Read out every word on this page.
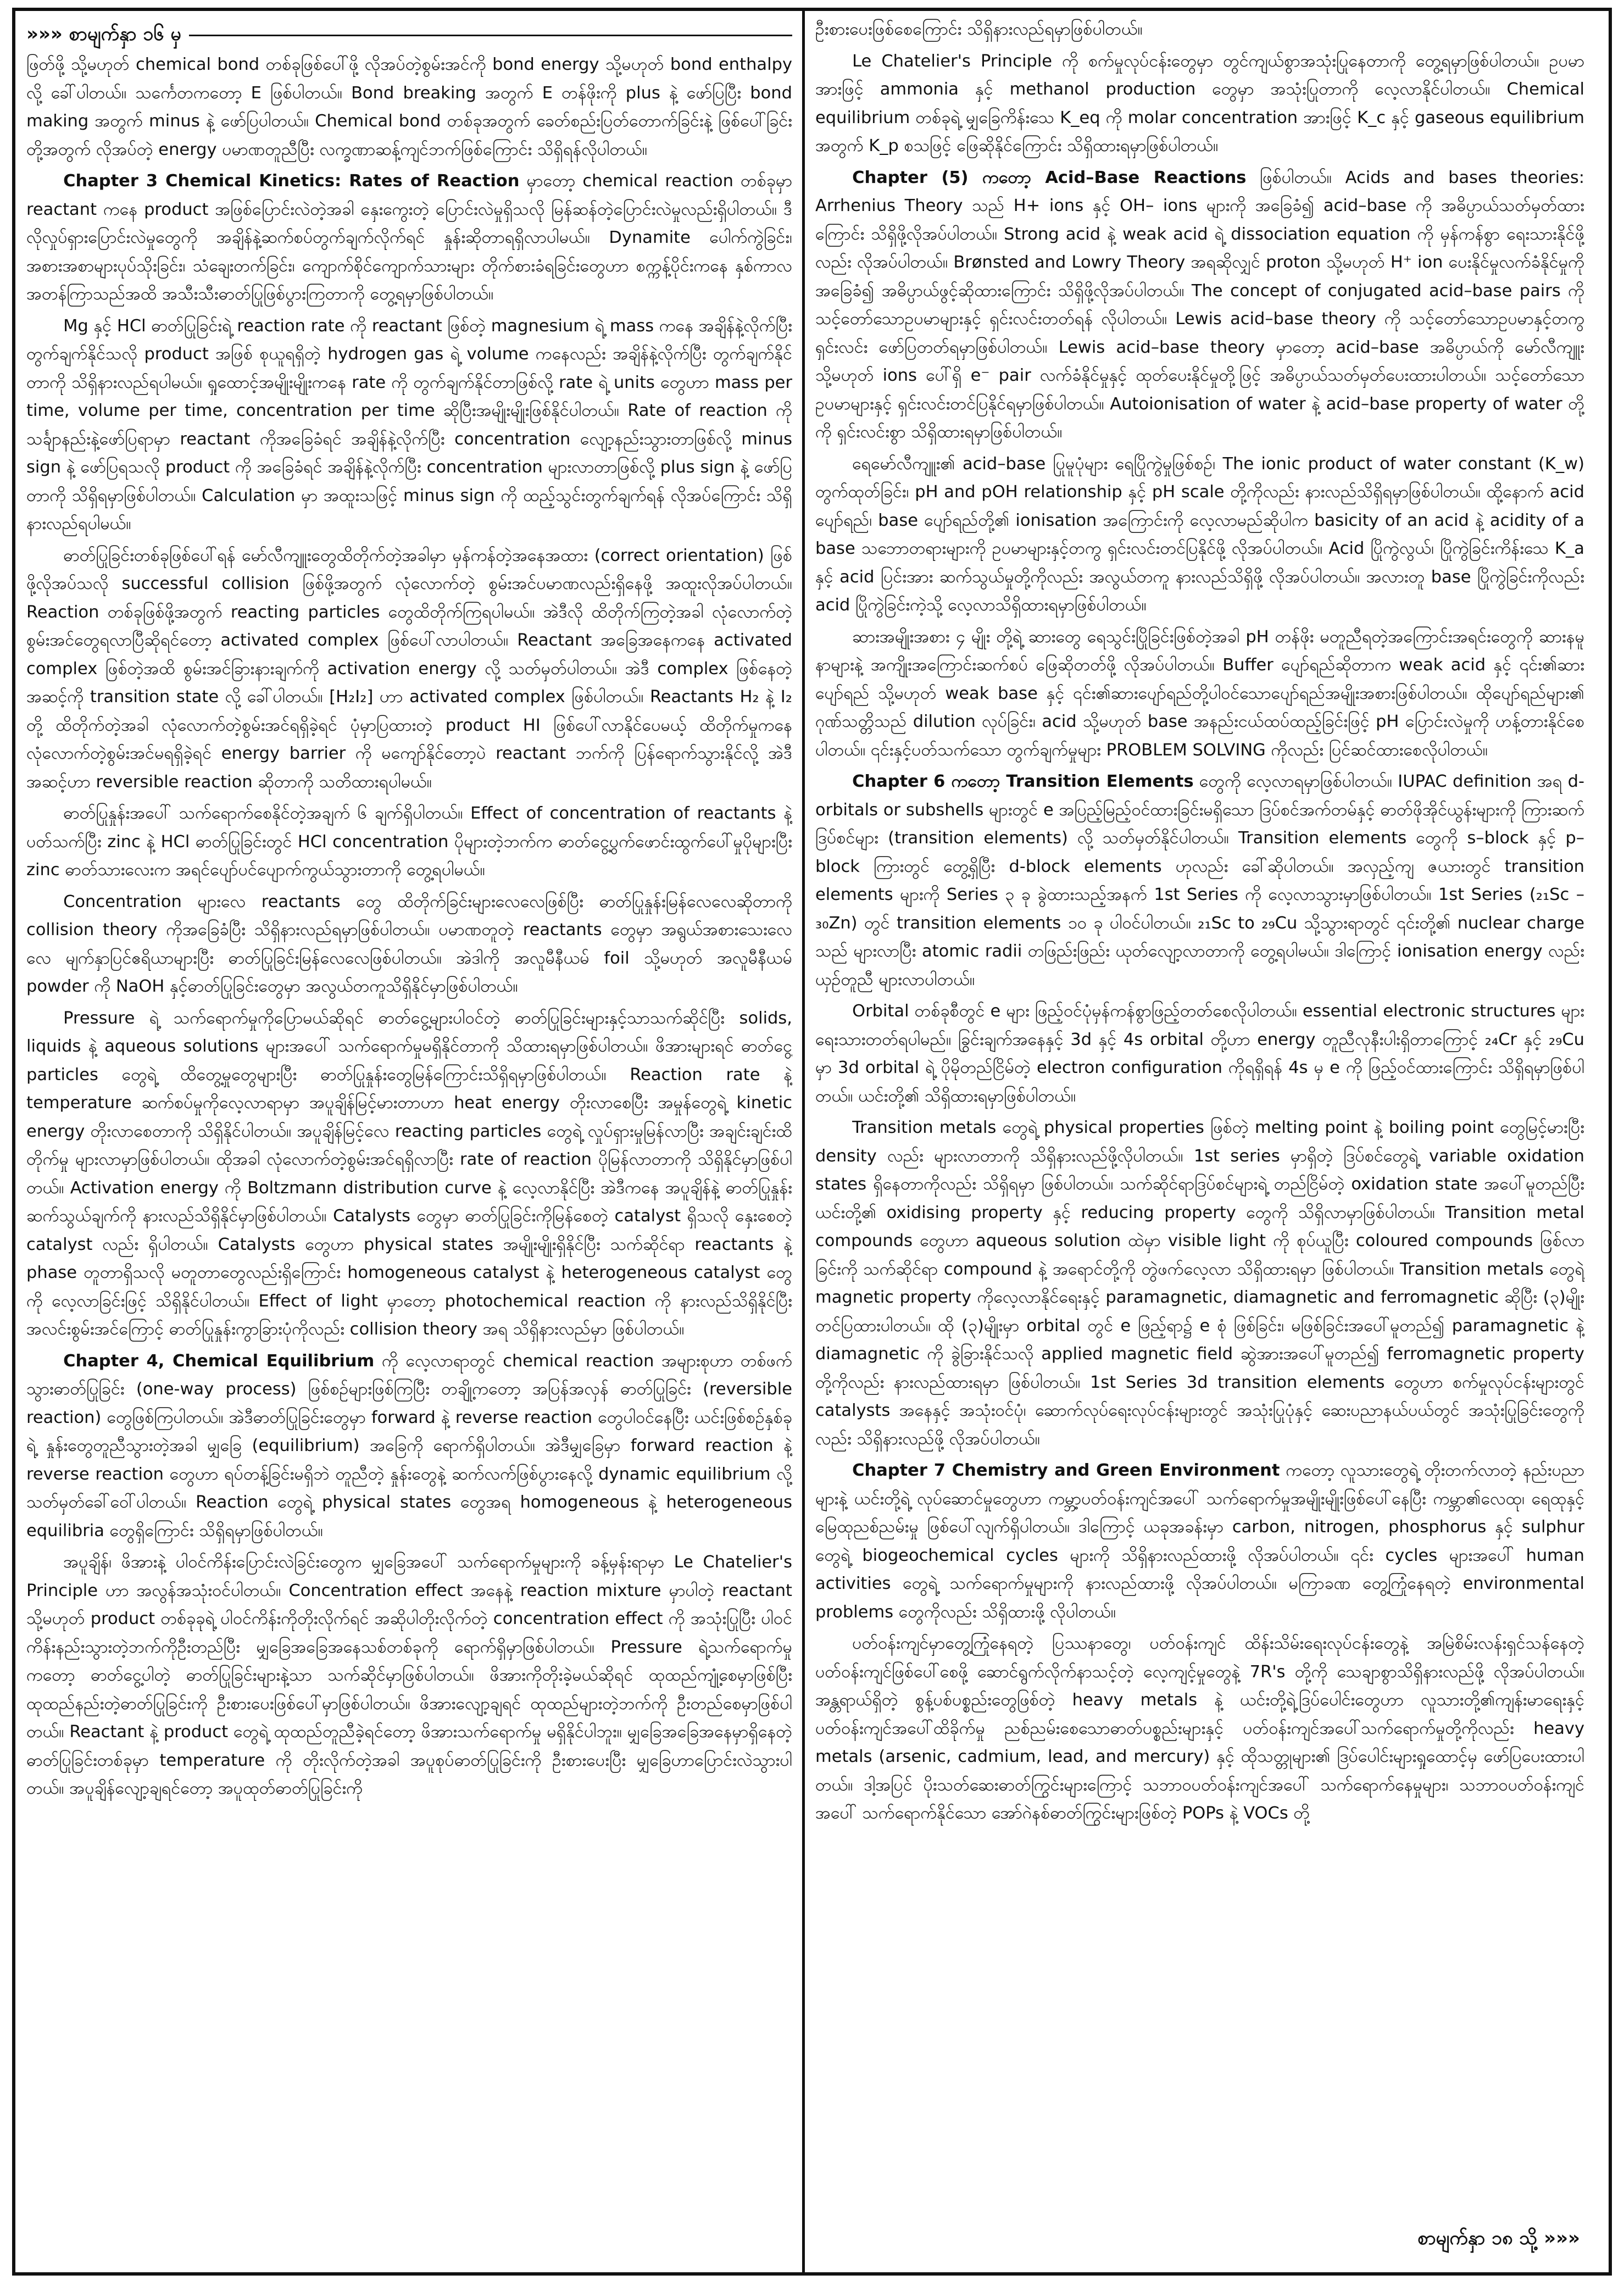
»»» စာမျက်နှာ ၁၆ မှ

ဖြတ်ဖို့ သို့မဟုတ် chemical bond တစ်ခုဖြစ်ပေါ်ဖို့ လိုအပ်တဲ့စွမ်းအင်ကို bond energy သို့မဟုတ် bond enthalpy လို့ ခေါ်ပါတယ်။ သင်္ကေတကတော့ E ဖြစ်ပါတယ်။ Bond breaking အတွက် E တန်ဖိုးကို plus နဲ့ ဖော်ပြပြီး bond making အတွက် minus နဲ့ ဖော်ပြပါတယ်။ Chemical bond တစ်ခုအတွက် ခေတ်စည်းပြတ်တောက်ခြင်းနဲ့ ဖြစ်ပေါ်ခြင်းတို့အတွက် လိုအပ်တဲ့ energy ပမာဏတူညီပြီး လက္ခဏာဆန့်ကျင်ဘက်ဖြစ်ကြောင်း သိရှိရန်လိုပါတယ်။

Chapter 3 Chemical Kinetics: Rates of Reaction မှာတော့ chemical reaction တစ်ခုမှာ reactant ကနေ product အဖြစ်ပြောင်းလဲတဲ့အခါ နှေးကွေးတဲ့ ပြောင်းလဲမှုရှိသလို မြန်ဆန်တဲ့ပြောင်းလဲမှုလည်းရှိပါတယ်။ ဒီလိုလှုပ်ရှားပြောင်းလဲမှုတွေကို အချိန်နဲ့ဆက်စပ်တွက်ချက်လိုက်ရင် နှုန်းဆိုတာရရှိလာပါမယ်။ Dynamite ပေါက်ကွဲခြင်း၊ အစားအစာများပုပ်သိုးခြင်း၊ သံချေးတက်ခြင်း၊ ကျောက်စိုင်ကျောက်သားများ တိုက်စားခံရခြင်းတွေဟာ စက္ကန့်ပိုင်းကနေ နှစ်ကာလအတန်ကြာသည်အထိ အသီးသီးဓာတ်ပြုဖြစ်ပွားကြတာကို တွေ့ရမှာဖြစ်ပါတယ်။

Mg နှင့် HCl ဓာတ်ပြုခြင်းရဲ့ reaction rate ကို reactant ဖြစ်တဲ့ magnesium ရဲ့ mass ကနေ အချိန်နဲ့လိုက်ပြီး တွက်ချက်နိုင်သလို product အဖြစ် စုယူရရှိတဲ့ hydrogen gas ရဲ့ volume ကနေလည်း အချိန်နဲ့လိုက်ပြီး တွက်ချက်နိုင်တာကို သိရှိနားလည်ရပါမယ်။ ရှုထောင့်အမျိုးမျိုးကနေ rate ကို တွက်ချက်နိုင်တာဖြစ်လို့ rate ရဲ့ units တွေဟာ mass per time, volume per time, concentration per time ဆိုပြီးအမျိုးမျိုးဖြစ်နိုင်ပါတယ်။ Rate of reaction ကိုသင်္ချာနည်းနဲ့ဖော်ပြရာမှာ reactant ကိုအခြေခံရင် အချိန်နဲ့လိုက်ပြီး concentration လျော့နည်းသွားတာဖြစ်လို့ minus sign နဲ့ ဖော်ပြရသလို product ကို အခြေခံရင် အချိန်နဲ့လိုက်ပြီး concentration များလာတာဖြစ်လို့ plus sign နဲ့ ဖော်ပြတာကို သိရှိရမှာဖြစ်ပါတယ်။ Calculation မှာ အထူးသဖြင့် minus sign ကို ထည့်သွင်းတွက်ချက်ရန် လိုအပ်ကြောင်း သိရှိနားလည်ရပါမယ်။

ဓာတ်ပြုခြင်းတစ်ခုဖြစ်ပေါ်ရန် မော်လီကျူးတွေထိတိုက်တဲ့အခါမှာ မှန်ကန်တဲ့အနေအထား (correct orientation) ဖြစ်ဖို့လိုအပ်သလို successful collision ဖြစ်ဖို့အတွက် လုံလောက်တဲ့ စွမ်းအင်ပမာဏလည်းရှိနေဖို့ အထူးလိုအပ်ပါတယ်။ Reaction တစ်ခုဖြစ်ဖို့အတွက် reacting particles တွေထိတိုက်ကြရပါမယ်။ အဲဒီလို ထိတိုက်ကြတဲ့အခါ လုံလောက်တဲ့ စွမ်းအင်တွေရလာပြီဆိုရင်တော့ activated complex ဖြစ်ပေါ်လာပါတယ်။ Reactant အခြေအနေကနေ activated complex ဖြစ်တဲ့အထိ စွမ်းအင်ခြားနားချက်ကို activation energy လို့ သတ်မှတ်ပါတယ်။ အဲဒီ complex ဖြစ်နေတဲ့အဆင့်ကို transition state လို့ ခေါ်ပါတယ်။ [H₂I₂] ဟာ activated complex ဖြစ်ပါတယ်။ Reactants H₂ နဲ့ I₂ တို့ ထိတိုက်တဲ့အခါ လုံလောက်တဲ့စွမ်းအင်ရရှိခဲ့ရင် ပုံမှာပြထားတဲ့ product HI ဖြစ်ပေါ်လာနိုင်ပေမယ့် ထိတိုက်မှုကနေ လုံလောက်တဲ့စွမ်းအင်မရရှိခဲ့ရင် energy barrier ကို မကျော်နိုင်တော့ပဲ reactant ဘက်ကို ပြန်ရောက်သွားနိုင်လို့ အဲဒီအဆင့်ဟာ reversible reaction ဆိုတာကို သတိထားရပါမယ်။

ဓာတ်ပြုနှုန်းအပေါ် သက်ရောက်စေနိုင်တဲ့အချက် ၆ ချက်ရှိပါတယ်။ Effect of concentration of reactants နဲ့ ပတ်သက်ပြီး zinc နဲ့ HCl ဓာတ်ပြုခြင်းတွင် HCl concentration ပိုများတဲ့ဘက်က ဓာတ်ငွေ့ပွက်ဖောင်းထွက်ပေါ်မှုပိုများပြီး zinc ဓာတ်သားလေးက အရင်ပျော်ပင်ပျောက်ကွယ်သွားတာကို တွေ့ရပါမယ်။

Concentration များလေ reactants တွေ ထိတိုက်ခြင်းများလေလေဖြစ်ပြီး ဓာတ်ပြုနှုန်းမြန်လေလေဆိုတာကို collision theory ကိုအခြေခံပြီး သိရှိနားလည်ရမှာဖြစ်ပါတယ်။ ပမာဏတူတဲ့ reactants တွေမှာ အရွယ်အစားသေးလေလေ မျက်နှာပြင်ဧရိယာများပြီး ဓာတ်ပြုခြင်းမြန်လေလေဖြစ်ပါတယ်။ အဲဒါကို အလူမီနီယမ် foil သို့မဟုတ် အလူမီနီယမ် powder ကို NaOH နှင့်ဓာတ်ပြုခြင်းတွေမှာ အလွယ်တကူသိရှိနိုင်မှာဖြစ်ပါတယ်။

Pressure ရဲ့ သက်ရောက်မှုကိုပြောမယ်ဆိုရင် ဓာတ်ငွေ့များပါဝင်တဲ့ ဓာတ်ပြုခြင်းများနှင့်သာသက်ဆိုင်ပြီး solids, liquids နဲ့ aqueous solutions များအပေါ် သက်ရောက်မှုမရှိနိုင်တာကို သိထားရမှာဖြစ်ပါတယ်။ ဖိအားများရင် ဓာတ်ငွေ့ particles တွေရဲ့ ထိတွေ့မှုတွေများပြီး ဓာတ်ပြုနှုန်းတွေမြန်ကြောင်းသိရှိရမှာဖြစ်ပါတယ်။ Reaction rate နဲ့ temperature ဆက်စပ်မှုကိုလေ့လာရာမှာ အပူချိန်မြင့်မားတာဟာ heat energy တိုးလာစေပြီး အမှုန်တွေရဲ့ kinetic energy တိုးလာစေတာကို သိရှိနိုင်ပါတယ်။ အပူချိန်မြင့်လေ reacting particles တွေရဲ့ လှုပ်ရှားမှုမြန်လာပြီး အချင်းချင်းထိတိုက်မှု များလာမှာဖြစ်ပါတယ်။ ထိုအခါ လုံလောက်တဲ့စွမ်းအင်ရရှိလာပြီး rate of reaction ပိုမြန်လာတာကို သိရှိနိုင်မှာဖြစ်ပါတယ်။ Activation energy ကို Boltzmann distribution curve နဲ့ လေ့လာနိုင်ပြီး အဲဒီကနေ အပူချိန်နဲ့ ဓာတ်ပြုနှုန်း ဆက်သွယ်ချက်ကို နားလည်သိရှိနိုင်မှာဖြစ်ပါတယ်။ Catalysts တွေမှာ ဓာတ်ပြုခြင်းကိုမြန်စေတဲ့ catalyst ရှိသလို နှေးစေတဲ့ catalyst လည်း ရှိပါတယ်။ Catalysts တွေဟာ physical states အမျိုးမျိုးရှိနိုင်ပြီး သက်ဆိုင်ရာ reactants နဲ့ phase တူတာရှိသလို မတူတာတွေလည်းရှိကြောင်း homogeneous catalyst နဲ့ heterogeneous catalyst တွေကို လေ့လာခြင်းဖြင့် သိရှိနိုင်ပါတယ်။ Effect of light မှာတော့ photochemical reaction ကို နားလည်သိရှိနိုင်ပြီး အလင်းစွမ်းအင်ကြောင့် ဓာတ်ပြုနှုန်းကွာခြားပုံကိုလည်း collision theory အရ သိရှိနားလည်မှာ ဖြစ်ပါတယ်။

Chapter 4, Chemical Equilibrium ကို လေ့လာရာတွင် chemical reaction အများစုဟာ တစ်ဖက်သွားဓာတ်ပြုခြင်း (one-way process) ဖြစ်စဉ်များဖြစ်ကြပြီး တချို့ကတော့ အပြန်အလှန် ဓာတ်ပြုခြင်း (reversible reaction) တွေဖြစ်ကြပါတယ်။ အဲဒီဓာတ်ပြုခြင်းတွေမှာ forward နဲ့ reverse reaction တွေပါဝင်နေပြီး ယင်းဖြစ်စဉ်နှစ်ခုရဲ့ နှုန်းတွေတူညီသွားတဲ့အခါ မျှခြေ (equilibrium) အခြေကို ရောက်ရှိပါတယ်။ အဲဒီမျှခြေမှာ forward reaction နဲ့ reverse reaction တွေဟာ ရပ်တန့်ခြင်းမရှိဘဲ တူညီတဲ့ နှုန်းတွေနဲ့ ဆက်လက်ဖြစ်ပွားနေလို့ dynamic equilibrium လို့ သတ်မှတ်ခေါ်ဝေါ်ပါတယ်။ Reaction တွေရဲ့ physical states တွေအရ homogeneous နဲ့ heterogeneous equilibria တွေရှိကြောင်း သိရှိရမှာဖြစ်ပါတယ်။

အပူချိန်၊ ဖိအားနဲ့ ပါဝင်ကိန်းပြောင်းလဲခြင်းတွေက မျှခြေအပေါ် သက်ရောက်မှုများကို ခန့်မှန်းရာမှာ Le Chatelier's Principle ဟာ အလွန်အသုံးဝင်ပါတယ်။ Concentration effect အနေနဲ့ reaction mixture မှာပါတဲ့ reactant သို့မဟုတ် product တစ်ခုခုရဲ့ ပါဝင်ကိန်းကိုတိုးလိုက်ရင် အဆိုပါတိုးလိုက်တဲ့ concentration effect ကို အသုံးပြုပြီး ပါဝင်ကိန်းနည်းသွားတဲ့ဘက်ကိုဦးတည်ပြီး မျှခြေအခြေအနေသစ်တစ်ခုကို ရောက်ရှိမှာဖြစ်ပါတယ်။ Pressure ရဲ့သက်ရောက်မှုကတော့ ဓာတ်ငွေ့ပါတဲ့ ဓာတ်ပြုခြင်းများနဲ့သာ သက်ဆိုင်မှာဖြစ်ပါတယ်။ ဖိအားကိုတိုးခဲ့မယ်ဆိုရင် ထုထည်ကျုံ့စေမှာဖြစ်ပြီး ထုထည်နည်းတဲ့ဓာတ်ပြုခြင်းကို ဦးစားပေးဖြစ်ပေါ်မှာဖြစ်ပါတယ်။ ဖိအားလျော့ချရင် ထုထည်များတဲ့ဘက်ကို ဦးတည်စေမှာဖြစ်ပါတယ်။ Reactant နဲ့ product တွေရဲ့ ထုထည်တူညီခဲ့ရင်တော့ ဖိအားသက်ရောက်မှု မရှိနိုင်ပါဘူး။ မျှခြေအခြေအနေမှာရှိနေတဲ့ ဓာတ်ပြုခြင်းတစ်ခုမှာ temperature ကို တိုးလိုက်တဲ့အခါ အပူစုပ်ဓာတ်ပြုခြင်းကို ဦးစားပေးပြီး မျှခြေဟာပြောင်းလဲသွားပါတယ်။ အပူချိန်လျော့ချရင်တော့ အပူထုတ်ဓာတ်ပြုခြင်းကို

ဦးစားပေးဖြစ်စေကြောင်း သိရှိနားလည်ရမှာဖြစ်ပါတယ်။

Le Chatelier's Principle ကို စက်မှုလုပ်ငန်းတွေမှာ တွင်ကျယ်စွာအသုံးပြုနေတာကို တွေ့ရမှာဖြစ်ပါတယ်။ ဥပမာအားဖြင့် ammonia နှင့် methanol production တွေမှာ အသုံးပြုတာကို လေ့လာနိုင်ပါတယ်။ Chemical equilibrium တစ်ခုရဲ့ မျှခြေကိန်းသေ K_eq ကို molar concentration အားဖြင့် K_c နှင့် gaseous equilibrium အတွက် K_p စသဖြင့် ဖြေဆိုနိုင်ကြောင်း သိရှိထားရမှာဖြစ်ပါတယ်။

Chapter (5) ကတော့ Acid–Base Reactions ဖြစ်ပါတယ်။ Acids and bases theories: Arrhenius Theory သည် H+ ions နှင့် OH– ions များကို အခြေခံ၍ acid–base ကို အဓိပ္ပာယ်သတ်မှတ်ထားကြောင်း သိရှိဖို့လိုအပ်ပါတယ်။ Strong acid နဲ့ weak acid ရဲ့ dissociation equation ကို မှန်ကန်စွာ ရေးသားနိုင်ဖို့လည်း လိုအပ်ပါတယ်။ Brønsted and Lowry Theory အရဆိုလျှင် proton သို့မဟုတ် H⁺ ion ပေးနိုင်မှုလက်ခံနိုင်မှုကိုအခြေခံ၍ အဓိပ္ပာယ်ဖွင့်ဆိုထားကြောင်း သိရှိဖို့လိုအပ်ပါတယ်။ The concept of conjugated acid–base pairs ကို သင့်တော်သောဥပမာများနှင့် ရှင်းလင်းတတ်ရန် လိုပါတယ်။ Lewis acid–base theory ကို သင့်တော်သောဥပမာနှင့်တကွ ရှင်းလင်း ဖော်ပြတတ်ရမှာဖြစ်ပါတယ်။ Lewis acid–base theory မှာတော့ acid–base အဓိပ္ပာယ်ကို မော်လီကျူး သို့မဟုတ် ions ပေါ်ရှိ e⁻ pair လက်ခံနိုင်မှုနှင့် ထုတ်ပေးနိုင်မှုတို့ဖြင့် အဓိပ္ပာယ်သတ်မှတ်ပေးထားပါတယ်။ သင့်တော်သော ဥပမာများနှင့် ရှင်းလင်းတင်ပြနိုင်ရမှာဖြစ်ပါတယ်။ Autoionisation of water နဲ့ acid–base property of water တို့ကို ရှင်းလင်းစွာ သိရှိထားရမှာဖြစ်ပါတယ်။

ရေမော်လီကျူး၏ acid–base ပြုမူပုံများ ရေပြိုကွဲမှုဖြစ်စဉ်၊ The ionic product of water constant (K_w) တွက်ထုတ်ခြင်း၊ pH and pOH relationship နှင့် pH scale တို့ကိုလည်း နားလည်သိရှိရမှာဖြစ်ပါတယ်။ ထို့နောက် acid ပျော်ရည်၊ base ပျော်ရည်တို့၏ ionisation အကြောင်းကို လေ့လာမည်ဆိုပါက basicity of an acid နဲ့ acidity of a base သဘောတရားများကို ဥပမာများနှင့်တကွ ရှင်းလင်းတင်ပြနိုင်ဖို့ လိုအပ်ပါတယ်။ Acid ပြိုကွဲလွယ်၊ ပြိုကွဲခြင်းကိန်းသေ K_a နှင့် acid ပြင်းအား ဆက်သွယ်မှုတို့ကိုလည်း အလွယ်တကူ နားလည်သိရှိဖို့ လိုအပ်ပါတယ်။ အလားတူ base ပြိုကွဲခြင်းကိုလည်း acid ပြိုကွဲခြင်းကဲ့သို့ လေ့လာသိရှိထားရမှာဖြစ်ပါတယ်။

ဆားအမျိုးအစား ၄ မျိုး တို့ရဲ့ ဆားတွေ ရေသွင်းပြိုခြင်းဖြစ်တဲ့အခါ pH တန်ဖိုး မတူညီရတဲ့အကြောင်းအရင်းတွေကို ဆားနမူနာများနဲ့ အကျိုးအကြောင်းဆက်စပ် ဖြေဆိုတတ်ဖို့ လိုအပ်ပါတယ်။ Buffer ပျော်ရည်ဆိုတာက weak acid နှင့် ၎င်း၏ဆားပျော်ရည် သို့မဟုတ် weak base နှင့် ၎င်း၏ဆားပျော်ရည်တို့ပါဝင်သောပျော်ရည်အမျိုးအစားဖြစ်ပါတယ်။ ထိုပျော်ရည်များ၏ ဂုဏ်သတ္တိသည် dilution လုပ်ခြင်း၊ acid သို့မဟုတ် base အနည်းငယ်ထပ်ထည့်ခြင်းဖြင့် pH ပြောင်းလဲမှုကို ဟန့်တားနိုင်စေပါတယ်။ ၎င်းနှင့်ပတ်သက်သော တွက်ချက်မှုများ PROBLEM SOLVING ကိုလည်း ပြင်ဆင်ထားစေလိုပါတယ်။

Chapter 6 ကတော့ Transition Elements တွေကို လေ့လာရမှာဖြစ်ပါတယ်။ IUPAC definition အရ d-orbitals or subshells များတွင် e အပြည့်မြည့်ဝင်ထားခြင်းမရှိသော ဒြပ်စင်အက်တမ်နှင့် ဓာတ်ဖိုအိုင်ယွန်းများကို ကြားဆက်ဒြပ်စင်များ (transition elements) လို့ သတ်မှတ်နိုင်ပါတယ်။ Transition elements တွေကို s–block နှင့် p–block ကြားတွင် တွေ့ရှိပြီး d-block elements ဟုလည်း ခေါ်ဆိုပါတယ်။ အလှည့်ကျ ဇယားတွင် transition elements များကို Series ၃ ခု ခွဲထားသည့်အနက် 1st Series ကို လေ့လာသွားမှာဖြစ်ပါတယ်။ 1st Series (₂₁Sc – ₃₀Zn) တွင် transition elements ၁၀ ခု ပါဝင်ပါတယ်။ ₂₁Sc to ₂₉Cu သို့သွားရာတွင် ၎င်းတို့၏ nuclear charge သည် များလာပြီး atomic radii တဖြည်းဖြည်း ယုတ်လျော့လာတာကို တွေ့ရပါမယ်။ ဒါကြောင့် ionisation energy လည်း ယှဉ်တူညီ များလာပါတယ်။

Orbital တစ်ခုစီတွင် e များ ဖြည့်ဝင်ပုံမှန်ကန်စွာဖြည့်တတ်စေလိုပါတယ်။ essential electronic structures များရေးသားတတ်ရပါမည်။ ခြွင်းချက်အနေနှင့် 3d နှင့် 4s orbital တို့ဟာ energy တူညီလုနီးပါးရှိတာကြောင့် ₂₄Cr နှင့် ₂₉Cu မှာ 3d orbital ရဲ့ ပိုမိုတည်ငြိမ်တဲ့ electron configuration ကိုရရှိရန် 4s မှ e ကို ဖြည့်ဝင်ထားကြောင်း သိရှိရမှာဖြစ်ပါတယ်။ ယင်းတို့၏ သိရှိထားရမှာဖြစ်ပါတယ်။

Transition metals တွေရဲ့ physical properties ဖြစ်တဲ့ melting point နဲ့ boiling point တွေမြင့်မားပြီး density လည်း များလာတာကို သိရှိနားလည်ဖို့လိုပါတယ်။ 1st series မှာရှိတဲ့ ဒြပ်စင်တွေရဲ့ variable oxidation states ရှိနေတာကိုလည်း သိရှိရမှာ ဖြစ်ပါတယ်။ သက်ဆိုင်ရာဒြပ်စင်များရဲ့ တည်ငြိမ်တဲ့ oxidation state အပေါ်မူတည်ပြီး ယင်းတို့၏ oxidising property နှင့် reducing property တွေကို သိရှိလာမှာဖြစ်ပါတယ်။ Transition metal compounds တွေဟာ aqueous solution ထဲမှာ visible light ကို စုပ်ယူပြီး coloured compounds ဖြစ်လာခြင်းကို သက်ဆိုင်ရာ compound နဲ့ အရောင်တို့ကို တွဲဖက်လေ့လာ သိရှိထားရမှာ ဖြစ်ပါတယ်။ Transition metals တွေရဲ့ magnetic property ကိုလေ့လာနိုင်ရေးနှင့် paramagnetic, diamagnetic and ferromagnetic ဆိုပြီး (၃)မျိုး တင်ပြထားပါတယ်။ ထို (၃)မျိုးမှာ orbital တွင် e ဖြည့်ရာ၌ e စုံ ဖြစ်ခြင်း၊ မဖြစ်ခြင်းအပေါ်မူတည်၍ paramagnetic နဲ့ diamagnetic ကို ခွဲခြားနိုင်သလို applied magnetic field ဆွဲအားအပေါ်မူတည်၍ ferromagnetic property တို့ကိုလည်း နားလည်ထားရမှာ ဖြစ်ပါတယ်။ 1st Series 3d transition elements တွေဟာ စက်မှုလုပ်ငန်းများတွင် catalysts အနေနှင့် အသုံးဝင်ပုံ၊ ဆောက်လုပ်ရေးလုပ်ငန်းများတွင် အသုံးပြုပုံနှင့် ဆေးပညာနယ်ပယ်တွင် အသုံးပြုခြင်းတွေကိုလည်း သိရှိနားလည်ဖို့ လိုအပ်ပါတယ်။

Chapter 7 Chemistry and Green Environment ကတော့ လူသားတွေရဲ့ တိုးတက်လာတဲ့ နည်းပညာများနဲ့ ယင်းတို့ရဲ့ လုပ်ဆောင်မှုတွေဟာ ကမ္ဘာ့ပတ်ဝန်းကျင်အပေါ် သက်ရောက်မှုအမျိုးမျိုးဖြစ်ပေါ်နေပြီး ကမ္ဘာ၏လေထု၊ ရေထုနှင့် မြေထုညစ်ညမ်းမှု ဖြစ်ပေါ်လျက်ရှိပါတယ်။ ဒါကြောင့် ယခုအခန်းမှာ carbon, nitrogen, phosphorus နှင့် sulphur တွေရဲ့ biogeochemical cycles များကို သိရှိနားလည်ထားဖို့ လိုအပ်ပါတယ်။ ၎င်း cycles များအပေါ် human activities တွေရဲ့ သက်ရောက်မှုများကို နားလည်ထားဖို့ လိုအပ်ပါတယ်။ မကြာခဏ တွေ့ကြုံနေရတဲ့ environmental problems တွေကိုလည်း သိရှိထားဖို့ လိုပါတယ်။

ပတ်ဝန်းကျင်မှာတွေ့ကြုံနေရတဲ့ ပြဿနာတွေ၊ ပတ်ဝန်းကျင် ထိန်းသိမ်းရေးလုပ်ငန်းတွေနဲ့ အမြဲစိမ်းလန်းရှင်သန်နေတဲ့ ပတ်ဝန်းကျင်ဖြစ်ပေါ်စေဖို့ ဆောင်ရွက်လိုက်နာသင့်တဲ့ လေ့ကျင့်မှုတွေနဲ့ 7R's တို့ကို သေချာစွာသိရှိနားလည်ဖို့ လိုအပ်ပါတယ်။ အန္တရာယ်ရှိတဲ့ စွန့်ပစ်ပစ္စည်းတွေဖြစ်တဲ့ heavy metals နဲ့ ယင်းတို့ရဲ့ဒြပ်ပေါင်းတွေဟာ လူသားတို့၏ကျန်းမာရေးနှင့် ပတ်ဝန်းကျင်အပေါ်ထိခိုက်မှု ညစ်ညမ်းစေသောဓာတ်ပစ္စည်းများနှင့် ပတ်ဝန်းကျင်အပေါ်သက်ရောက်မှုတို့ကိုလည်း heavy metals (arsenic, cadmium, lead, and mercury) နှင့် ထိုသတ္တုများ၏ ဒြပ်ပေါင်းများရှုထောင့်မှ ဖော်ပြပေးထားပါတယ်။ ဒါ့အပြင် ပိုးသတ်ဆေးဓာတ်ကြွင်းများကြောင့် သဘာဝပတ်ဝန်းကျင်အပေါ် သက်ရောက်နေမှုများ၊ သဘာဝပတ်ဝန်းကျင်အပေါ် သက်ရောက်နိုင်သော အော်ဂဲနစ်ဓာတ်ကြွင်းများဖြစ်တဲ့ POPs နဲ့ VOCs တို့

စာမျက်နှာ ၁၈ သို့ »»»
